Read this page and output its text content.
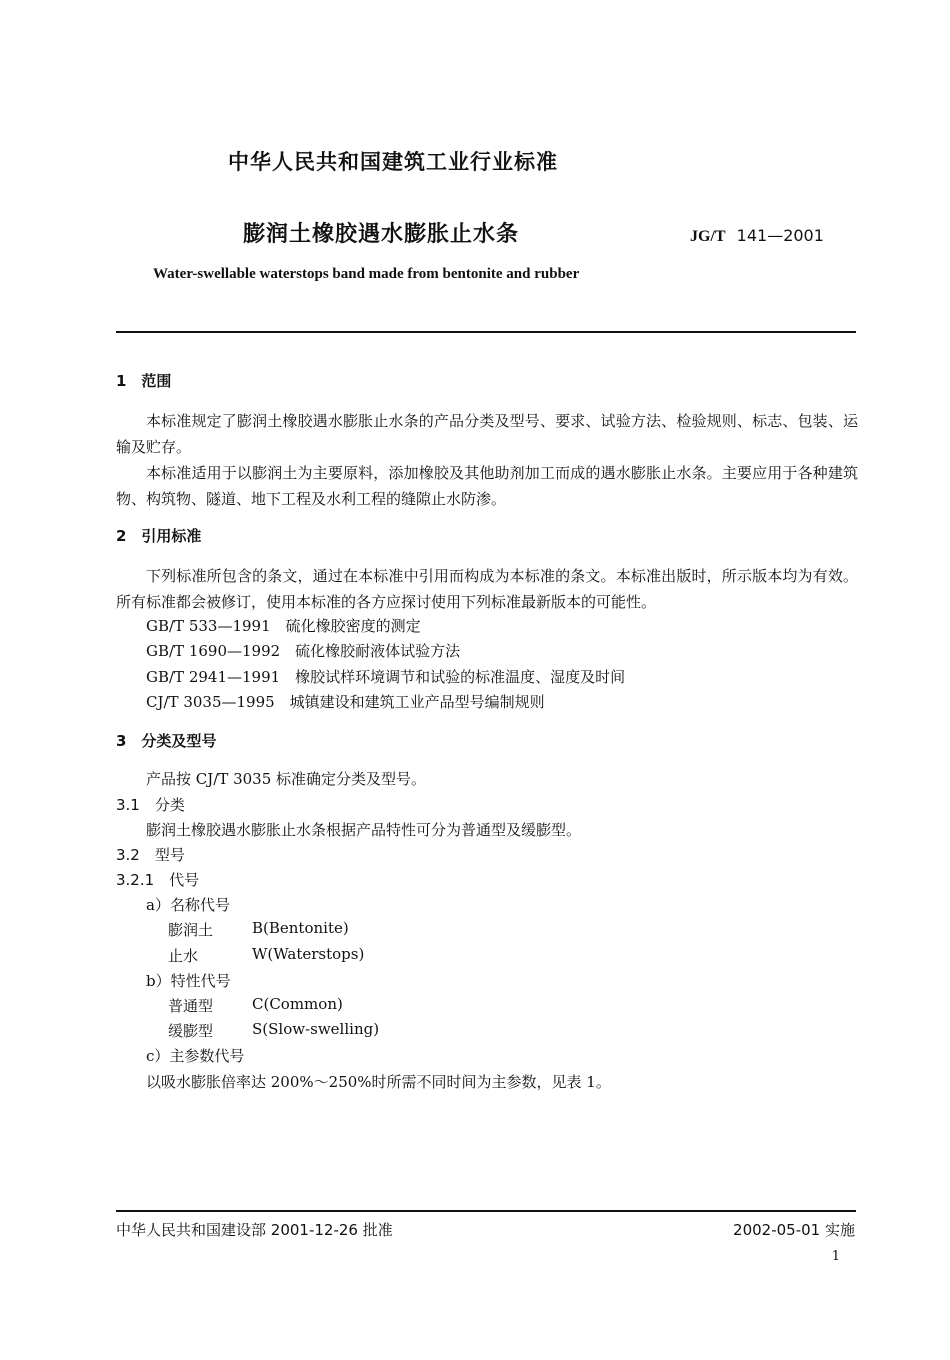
中华人民共和国建筑工业行业标准
膨润土橡胶遇水膨胀止水条	JG/T 141—2001
Water-swellable waterstops band made from bentonite and rubber
1　范围
本标准规定了膨润土橡胶遇水膨胀止水条的产品分类及型号、要求、试验方法、检验规则、标志、包装、运输及贮存。
本标准适用于以膨润土为主要原料，添加橡胶及其他助剂加工而成的遇水膨胀止水条。主要应用于各种建筑物、构筑物、隧道、地下工程及水利工程的缝隙止水防渗。
2　引用标准
下列标准所包含的条文，通过在本标准中引用而构成为本标准的条文。本标准出版时，所示版本均为有效。所有标准都会被修订，使用本标准的各方应探讨使用下列标准最新版本的可能性。
GB/T 533—1991　硫化橡胶密度的测定
GB/T 1690—1992　硫化橡胶耐液体试验方法
GB/T 2941—1991　橡胶试样环境调节和试验的标准温度、湿度及时间
CJ/T 3035—1995　城镇建设和建筑工业产品型号编制规则
3　分类及型号
产品按 CJ/T 3035 标准确定分类及型号。
3.1　分类
膨润土橡胶遇水膨胀止水条根据产品特性可分为普通型及缓膨型。
3.2　型号
3.2.1　代号
a）名称代号
膨润土	B(Bentonite)
止水	W(Waterstops)
b）特性代号
普通型	C(Common)
缓膨型	S(Slow-swelling)
c）主参数代号
以吸水膨胀倍率达 200%～250%时所需不同时间为主参数，见表 1。
中华人民共和国建设部 2001-12-26 批准	2002-05-01 实施
1
